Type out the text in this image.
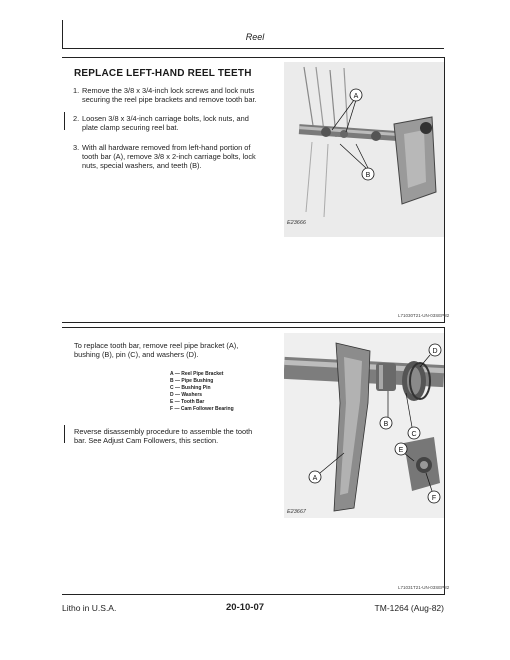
Reel
REPLACE LEFT-HAND REEL TEETH
1. Remove the 3/8 x 3/4-inch lock screws and lock nuts
securing the reel pipe brackets and remove tooth bar.
2. Loosen 3/8 x 3/4-inch carriage bolts, lock nuts, and
plate clamp securing reel bat.
3. With all hardware removed from left-hand portion of
tooth bar (A), remove 3/8 x 2-inch carriage bolts, lock
nuts, special washers, and teeth (B).
A
B
E23666
L71030T21-UN-03SEP82
To replace tooth bar, remove reel pipe bracket (A),
bushing (B), pin (C), and washers (D).
A — Reel Pipe Bracket
B — Pipe Bushing
C — Bushing Pin
D — Washers
E — Tooth Bar
F — Cam Follower Bearing
Reverse disassembly procedure to assemble the tooth
bar. See Adjust Cam Followers, this section.
A
B
C
D
E
F
E23667
L71031T21-UN-03SEP82
Litho in U.S.A.	20-10-07	TM-1264 (Aug-82)
